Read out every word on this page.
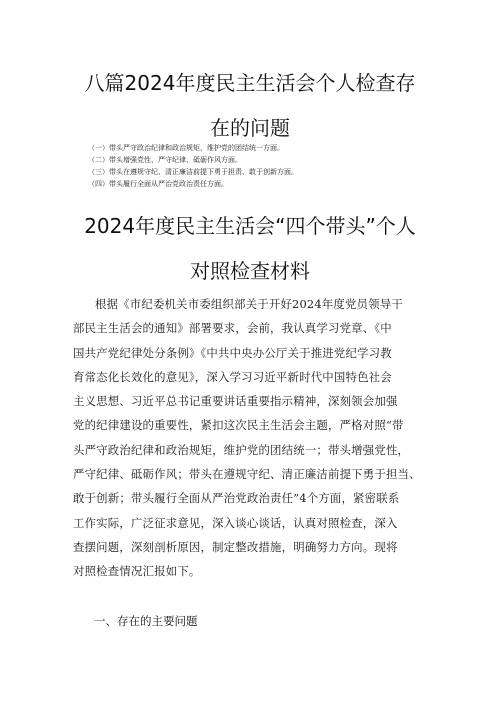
八篇2024年度民主生活会个人检查存
在的问题
（一）带头严守政治纪律和政治规矩，维护党的团结统一方面。
（二）带头增强党性、严守纪律、砥砺作风方面。
（三）带头在遵规守纪、清正廉洁前提下勇于担责、敢于创新方面。
（四）带头履行全面从严治党政治责任方面。
2024年度民主生活会“四个带头”个人
对照检查材料
根据《市纪委机关市委组织部关于开好2024年度党员领导干
部民主生活会的通知》部署要求，会前，我认真学习党章、《中
国共产党纪律处分条例》《中共中央办公厅关于推进党纪学习教
育常态化长效化的意见》，深入学习习近平新时代中国特色社会
主义思想、习近平总书记重要讲话重要指示精神，深刻领会加强
党的纪律建设的重要性，紧扣这次民主生活会主题，严格对照“带
头严守政治纪律和政治规矩，维护党的团结统一；带头增强党性，
严守纪律、砥砺作风；带头在遵规守纪、清正廉洁前提下勇于担当、
敢于创新；带头履行全面从严治党政治责任”4个方面，紧密联系
工作实际，广泛征求意见，深入谈心谈话，认真对照检查，深入
查摆问题，深刻剖析原因，制定整改措施，明确努力方向。现将
对照检查情况汇报如下。
一、存在的主要问题
